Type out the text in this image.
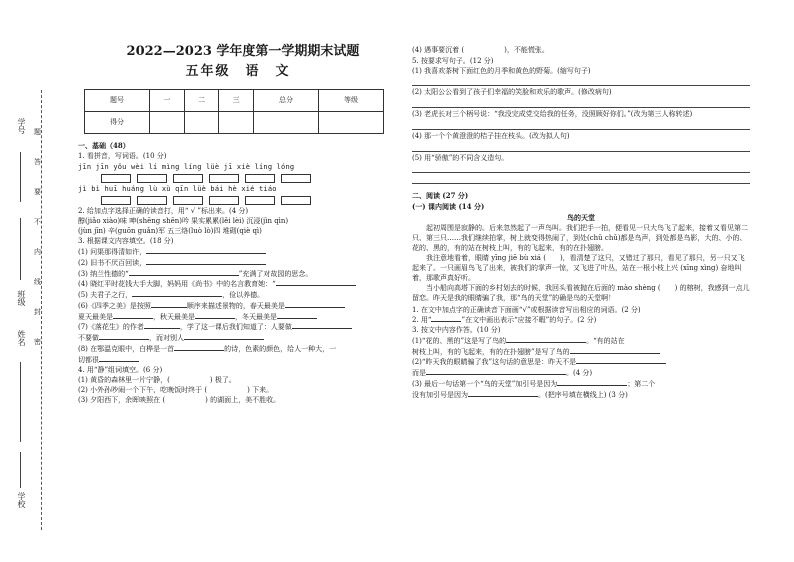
学号
班级
姓名
学校
题
答
要
不
内
线
封
密
2022—2023 学年度第一学期期末试题
五年级　语　文
题号	一	二	三	总分	等级
得分					
一、基础（48）
1. 看拼音，写词语。(10 分)
jīn jīn yǒu wèi lí mìng líng lüè jī xiè líng lóng
jì bì huī huáng lù xù qīn lüè bái hè xié tiáo
2. 给加点字选择正确的读音打，用“ √ ”标出来。(4 分)
醇(jiǎo xiào)味 呻(shēng shēn)吟 果实累累(lěi lèi) 沉浸(jìn qìn)
(jùn jīn) 辛(guōn guǎn)军 五三络(luò lò)四 堆砌(qiè qì)
3. 根据课文内容填空。(18 分)
(1) 问渠那得清如许，
(2) 旧书不厌百回读，
(3) 纳兰性德的“	”充满了对故园的思念。
(4) 晓红平时花钱大手大脚，妈妈用《尚书》中的名言教育她：“
(5) 夫君子之行，	，俭以养德。
(6)《四季之美》是按照	顺序来描述景物的，春天最美是
夏天最美是	，秋天最美是	，冬天最美是
(7)《落花生》的作者	，学了这一课后我们知道了：人要做
不要做	，而对别人
(8) 在鄂温克眼中，白桦是一首	的诗，色素的颜色，给人一种大，一
切都很
4. 用“静”组词填空。(6 分)
(1) 黄昏的森林里一片宁静，(	) 极了。
(2) 小外孙吵闹一个下午，吃晚饭时终于 (	) 下来。
(3) 夕阳西下，余晖映照在 (	) 的湖面上，美不胜收。
(4) 遇事要沉着 (	)，不能慌张。
5. 按要求写句子。(12 分)
(1) 我喜欢茶树下面红色的月季和黄色的野菊。(缩写句子)
(2) 太阳公公看到了孩子们幸福的笑脸和欢乐的歌声。(修改病句)
(3) 老虎长对三个柄号说：“我没完成党交给我的任务，没照顾好你们。”(改为第三人称转述)
(4) 那一个个黄澄澄的桔子挂在枝头。(改为拟人句)
(5) 用“骄傲”的不同含义造句。
二、阅读 (27 分)
(一) 课内阅读 (14 分)
鸟的天堂
起初周围是寂静的。后来忽然起了一声鸟叫。我们把手一拍，便看见一只大鸟飞了起来，接着又看见第二只、第三只……我们继续拍掌，树上就变得热闹了，到处(chǔ chǔ)都是鸟声，到处都是鸟影，大的、小的、花的、黑的，有的站在树枝上叫，有的飞起来，有的在扑翅膀。
我注意地看着，眼睛 yīng jiē bù xiá (　　)，看清楚了这只，又错过了那只，看见了那只，另一只又飞起来了。一只画眉鸟飞了出来，被我们的掌声一惊，又飞进了叶丛，站在一根小枝上兴 (xīng xìng) 奋地叫着，那歌声真好听。
当小船向高塔下面的乡村划去的时候，我回头看被抛在后面的 mào shèng (　　) 的榕树，我感到一点儿留恋。昨天是我的眼睛骗了我，那“鸟的天堂”的确是鸟的天堂啊！
1. 在文中加点字的正确读音下面画“√”或根据读音写出相应的词语。(2 分)
2. 用“	”在文中画出表示“应接不暇”的句子。(2 分)
3. 按文中内容作答。(10 分)
(1)“花的、黑的”这是写了鸟的	。“有的站在
树枝上叫，有的飞起来，有的在扑翅膀”是写了鸟的
(2)“昨天我的眼睛骗了我”这句话的意思是：昨天不是
而是	。(4 分)
(3) 最后一句话第一个“鸟的天堂”加引号是因为	；第二个
没有加引号是因为	。(把序号填在横线上) (3 分)
